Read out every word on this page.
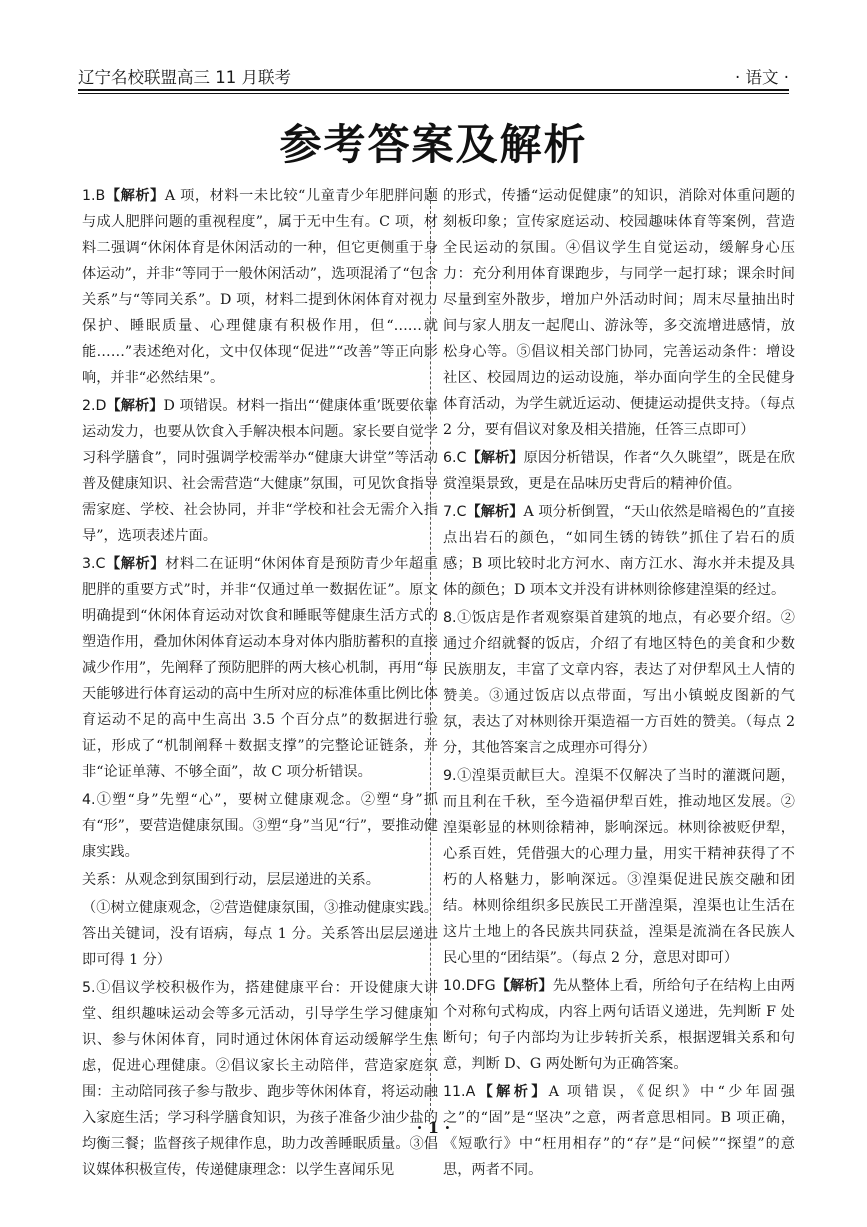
辽宁名校联盟高三 11 月联考	· 语文 ·
参考答案及解析

1.B【解析】A 项，材料一未比较“儿童青少年肥胖问题与成人肥胖问题的重视程度”，属于无中生有。C 项，材料二强调“休闲体育是休闲活动的一种，但它更侧重于身体运动”，并非“等同于一般休闲活动”，选项混淆了“包含关系”与“等同关系”。D 项，材料二提到休闲体育对视力保护、睡眠质量、心理健康有积极作用，但“……就能……”表述绝对化，文中仅体现“促进”“改善”等正向影响，并非“必然结果”。

2.D【解析】D 项错误。材料一指出“‘健康体重’既要依靠运动发力，也要从饮食入手解决根本问题。家长要自觉学习科学膳食”，同时强调学校需举办“健康大讲堂”等活动普及健康知识、社会需营造“大健康”氛围，可见饮食指导需家庭、学校、社会协同，并非“学校和社会无需介入指导”，选项表述片面。

3.C【解析】材料二在证明“休闲体育是预防青少年超重肥胖的重要方式”时，并非“仅通过单一数据佐证”。原文明确提到“休闲体育运动对饮食和睡眠等健康生活方式的塑造作用，叠加休闲体育运动本身对体内脂肪蓄积的直接减少作用”，先阐释了预防肥胖的两大核心机制，再用“每天能够进行体育运动的高中生所对应的标准体重比例比体育运动不足的高中生高出 3.5 个百分点”的数据进行验证，形成了“机制阐释＋数据支撑”的完整论证链条，并非“论证单薄、不够全面”，故 C 项分析错误。

4.①塑“身”先塑“心”，要树立健康观念。②塑“身”抓有“形”，要营造健康氛围。③塑“身”当见“行”，要推动健康实践。

关系：从观念到氛围到行动，层层递进的关系。

（①树立健康观念，②营造健康氛围，③推动健康实践。答出关键词，没有语病，每点 1 分。关系答出层层递进即可得 1 分）

5.①倡议学校积极作为，搭建健康平台：开设健康大讲堂、组织趣味运动会等多元活动，引导学生学习健康知识、参与休闲体育，同时通过休闲体育运动缓解学生焦虑，促进心理健康。②倡议家长主动陪伴，营造家庭氛围：主动陪同孩子参与散步、跑步等休闲体育，将运动融入家庭生活；学习科学膳食知识，为孩子准备少油少盐的均衡三餐；监督孩子规律作息，助力改善睡眠质量。③倡议媒体积极宣传，传递健康理念：以学生喜闻乐见

的形式，传播“运动促健康”的知识，消除对体重问题的刻板印象；宣传家庭运动、校园趣味体育等案例，营造全民运动的氛围。④倡议学生自觉运动，缓解身心压力：充分利用体育课跑步，与同学一起打球；课余时间尽量到室外散步，增加户外活动时间；周末尽量抽出时间与家人朋友一起爬山、游泳等，多交流增进感情，放松身心等。⑤倡议相关部门协同，完善运动条件：增设社区、校园周边的运动设施，举办面向学生的全民健身体育活动，为学生就近运动、便捷运动提供支持。（每点 2 分，要有倡议对象及相关措施，任答三点即可）

6.C【解析】原因分析错误，作者“久久眺望”，既是在欣赏湟渠景致，更是在品味历史背后的精神价值。

7.C【解析】A 项分析倒置，“天山依然是暗褐色的”直接点出岩石的颜色，“如同生锈的铸铁”抓住了岩石的质感；B 项比较时北方河水、南方江水、海水并未提及具体的颜色；D 项本文并没有讲林则徐修建湟渠的经过。

8.①饭店是作者观察渠首建筑的地点，有必要介绍。②通过介绍就餐的饭店，介绍了有地区特色的美食和少数民族朋友，丰富了文章内容，表达了对伊犁风土人情的赞美。③通过饭店以点带面，写出小镇蜕皮图新的气氛，表达了对林则徐开渠造福一方百姓的赞美。（每点 2 分，其他答案言之成理亦可得分）

9.①湟渠贡献巨大。湟渠不仅解决了当时的灌溉问题，而且利在千秋，至今造福伊犁百姓，推动地区发展。②湟渠彰显的林则徐精神，影响深远。林则徐被贬伊犁，心系百姓，凭借强大的心理力量，用实干精神获得了不朽的人格魅力，影响深远。③湟渠促进民族交融和团结。林则徐组织多民族民工开凿湟渠，湟渠也让生活在这片土地上的各民族共同获益，湟渠是流淌在各民族人民心里的“团结渠”。（每点 2 分，意思对即可）

10.DFG【解析】先从整体上看，所给句子在结构上由两个对称句式构成，内容上两句话语义递进，先判断 F 处断句；句子内部均为让步转折关系，根据逻辑关系和句意，判断 D、G 两处断句为正确答案。

11.A【解析】A 项错误，《促织》中“少年固强之”的“固”是“坚决”之意，两者意思相同。B 项正确，《短歌行》中“枉用相存”的“存”是“问候”“探望”的意思，两者不同。

· 1 ·
